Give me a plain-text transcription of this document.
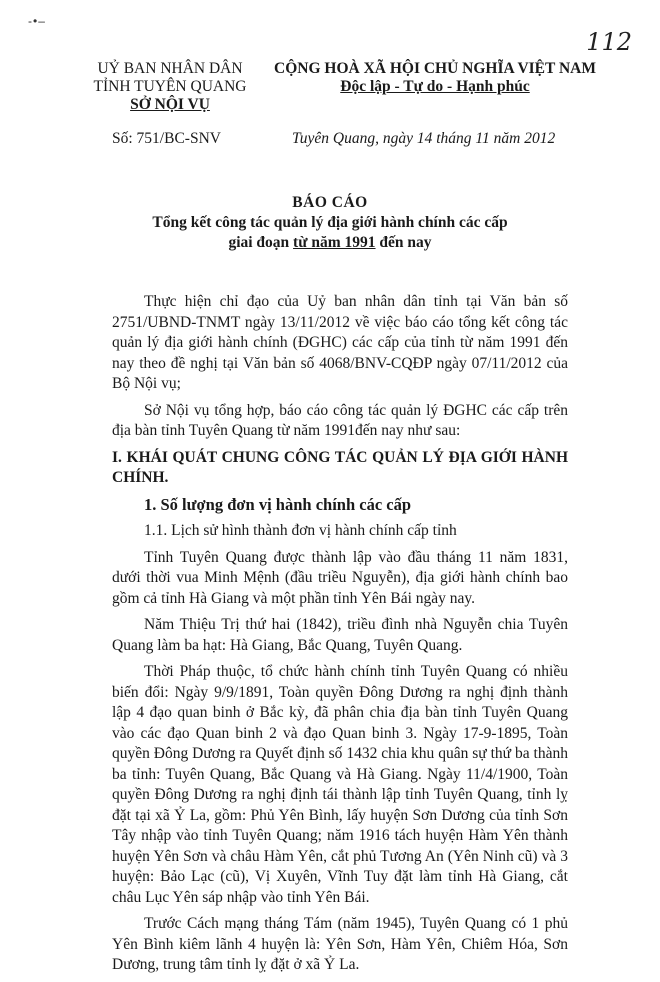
-•–
112
UỶ BAN NHÂN DÂN
TỈNH TUYÊN QUANG
SỞ NỘI VỤ
Số: 751/BC-SNV
CỘNG HOÀ XÃ HỘI CHỦ NGHĨA VIỆT NAM
Độc lập - Tự do - Hạnh phúc
Tuyên Quang, ngày 14 tháng 11 năm 2012
BÁO CÁO
Tổng kết công tác quản lý địa giới hành chính các cấp
giai đoạn từ năm 1991 đến nay

Thực hiện chỉ đạo của Uỷ ban nhân dân tỉnh tại Văn bản số 2751/UBND-TNMT ngày 13/11/2012 về việc báo cáo tổng kết công tác quản lý địa giới hành chính (ĐGHC) các cấp của tỉnh từ năm 1991 đến nay theo đề nghị tại Văn bản số 4068/BNV-CQĐP ngày 07/11/2012 của Bộ Nội vụ;

Sở Nội vụ tổng hợp, báo cáo công tác quản lý ĐGHC các cấp trên địa bàn tỉnh Tuyên Quang từ năm 1991đến nay như sau:

I. KHÁI QUÁT CHUNG CÔNG TÁC QUẢN LÝ ĐỊA GIỚI HÀNH CHÍNH.

1. Số lượng đơn vị hành chính các cấp

1.1. Lịch sử hình thành đơn vị hành chính cấp tỉnh

Tỉnh Tuyên Quang được thành lập vào đầu tháng 11 năm 1831, dưới thời vua Minh Mệnh (đầu triều Nguyễn), địa giới hành chính bao gồm cả tỉnh Hà Giang và một phần tỉnh Yên Bái ngày nay.

Năm Thiệu Trị thứ hai (1842), triều đình nhà Nguyễn chia Tuyên Quang làm ba hạt: Hà Giang, Bắc Quang, Tuyên Quang.

Thời Pháp thuộc, tổ chức hành chính tỉnh Tuyên Quang có nhiều biến đổi: Ngày 9/9/1891, Toàn quyền Đông Dương ra nghị định thành lập 4 đạo quan binh ở Bắc kỳ, đã phân chia địa bàn tỉnh Tuyên Quang vào các đạo Quan binh 2 và đạo Quan binh 3. Ngày 17-9-1895, Toàn quyền Đông Dương ra Quyết định số 1432 chia khu quân sự thứ ba thành ba tỉnh: Tuyên Quang, Bắc Quang và Hà Giang. Ngày 11/4/1900, Toàn quyền Đông Dương ra nghị định tái thành lập tỉnh Tuyên Quang, tỉnh lỵ đặt tại xã Ỷ La, gồm: Phủ Yên Bình, lấy huyện Sơn Dương của tỉnh Sơn Tây nhập vào tỉnh Tuyên Quang; năm 1916 tách huyện Hàm Yên thành huyện Yên Sơn và châu Hàm Yên, cắt phủ Tương An (Yên Ninh cũ) và 3 huyện: Bảo Lạc (cũ), Vị Xuyên, Vĩnh Tuy đặt làm tỉnh Hà Giang, cắt châu Lục Yên sáp nhập vào tỉnh Yên Bái.

Trước Cách mạng tháng Tám (năm 1945), Tuyên Quang có 1 phủ Yên Bình kiêm lãnh 4 huyện là: Yên Sơn, Hàm Yên, Chiêm Hóa, Sơn Dương, trung tâm tỉnh lỵ đặt ở xã Ỷ La.
